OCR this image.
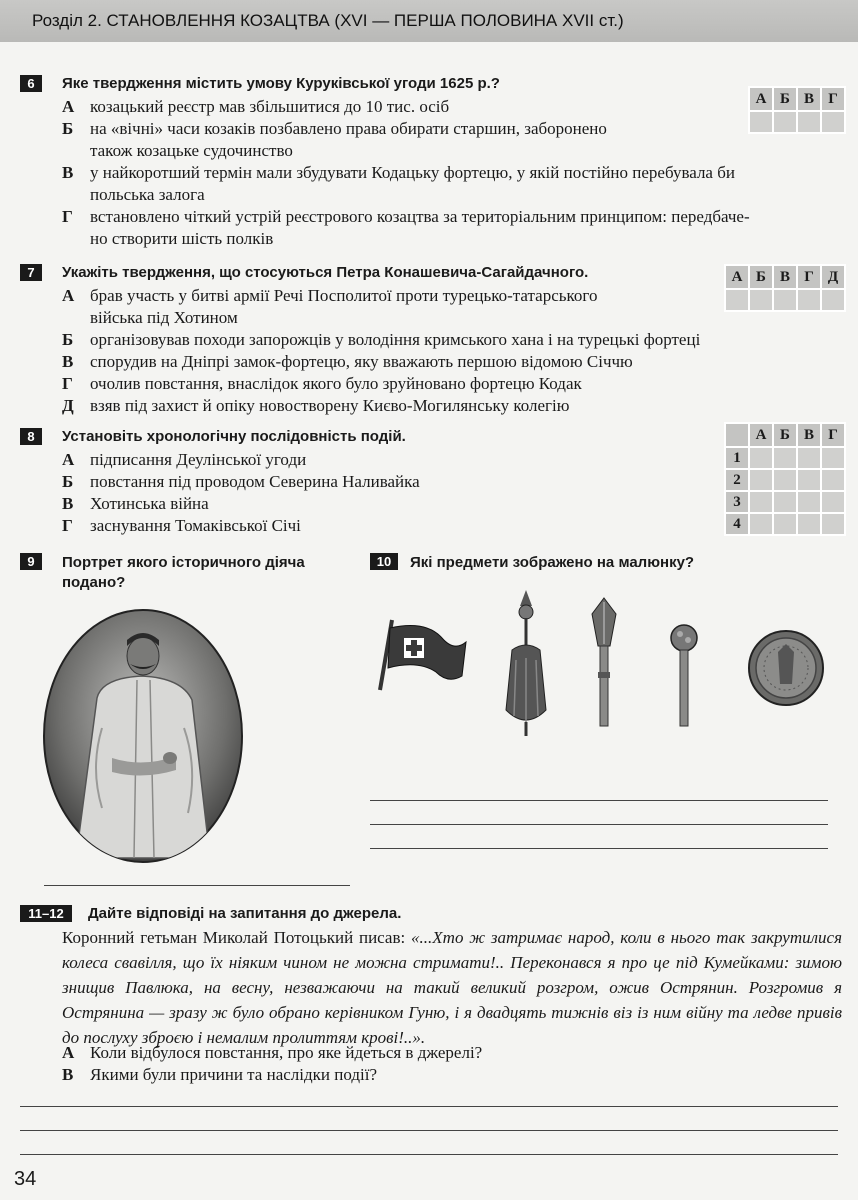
Розділ 2. СТАНОВЛЕННЯ КОЗАЦТВА (XVI — ПЕРША ПОЛОВИНА XVII ст.)
6	Яке твердження містить умову Куруківської угоди 1625 р.?
А козацький реєстр мав збільшитися до 10 тис. осіб
Б на «вічні» часи козаків позбавлено права обирати старшин, заборонено
також козацьке судочинство
В у найкоротший термін мали збудувати Кодацьку фортецю, у якій постійно перебувала би
польська залога
Г встановлено чіткий устрій реєстрового козацтва за територіальним принципом: передбаче-
но створити шість полків
А	Б	В	Г

7	Укажіть твердження, що стосуються Петра Конашевича-Сагайдачного.
А брав участь у битві армії Речі Посполитої проти турецько-татарського
війська під Хотином
Б організовував походи запорожців у володіння кримського хана і на турецькі фортеці
В спорудив на Дніпрі замок-фортецю, яку вважають першою відомою Січчю
Г очолив повстання, внаслідок якого було зруйновано фортецю Кодак
Д взяв під захист й опіку новостворену Києво-Могилянську колегію
А	Б	В	Г	Д

8	Установіть хронологічну послідовність подій.
А підписання Деулінської угоди
Б повстання під проводом Северина Наливайка
В Хотинська війна
Г заснування Томаківської Січі
	А	Б	В	Г
1				
2				
3				
4				
9	Портрет якого історичного діяча
подано?
10	Які предмети зображено на малюнку?
11–12	Дайте відповіді на запитання до джерела.
Коронний гетьман Миколай Потоцький писав: «...Хто ж затримає народ, коли в нього так закрутилися колеса свавілля, що їх ніяким чином не можна стримати!.. Переконався я про це під Кумейками: зимою знищив Павлюка, на весну, незважаючи на такий великий розгром, ожив Острянин. Розгромив я Острянина — зразу ж було обрано керівником Гуню, і я двадцять тижнів віз із ним війну та ледве привів до послуху зброєю і немалим пролиттям крові!..».
А Коли відбулося повстання, про яке йдеться в джерелі?
В Якими були причини та наслідки події?
34
